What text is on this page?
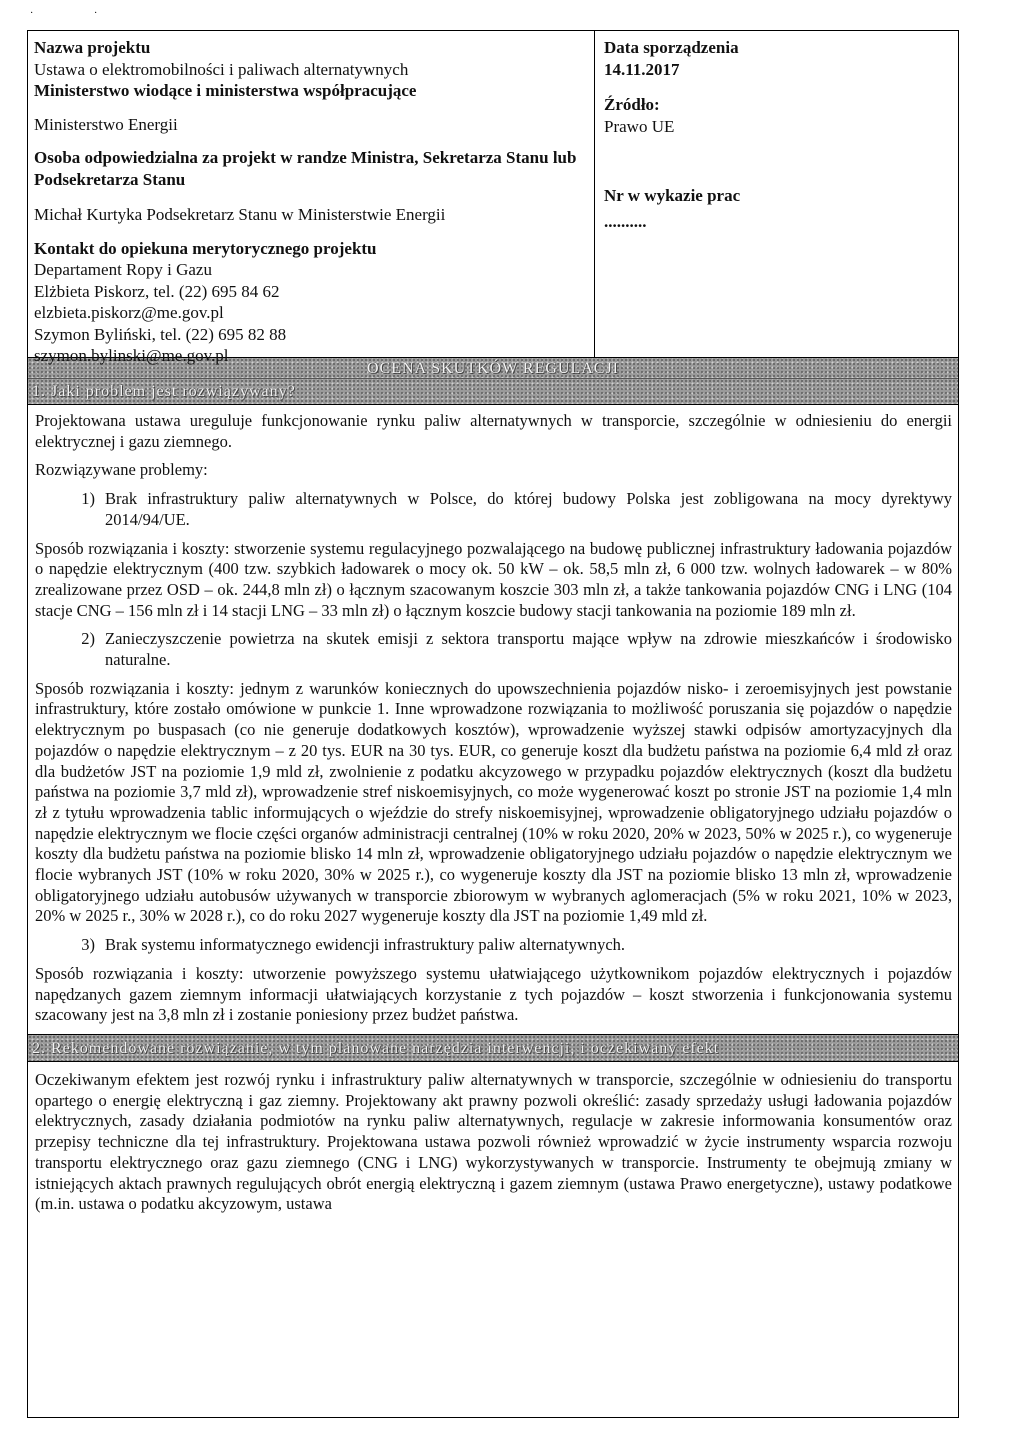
·	·
Nazwa projektu
Ustawa o elektromobilności i paliwach alternatywnych
Ministerstwo wiodące i ministerstwa współpracujące
Ministerstwo Energii
Osoba odpowiedzialna za projekt w randze Ministra, Sekretarza Stanu lub Podsekretarza Stanu
Michał Kurtyka Podsekretarz Stanu w Ministerstwie Energii
Kontakt do opiekuna merytorycznego projektu
Departament Ropy i Gazu
Elżbieta Piskorz, tel. (22) 695 84 62
elzbieta.piskorz@me.gov.pl
Szymon Byliński, tel. (22) 695 82 88
szymon.bylinski@me.gov.pl
Data sporządzenia
14.11.2017
Źródło:
Prawo UE
Nr w wykazie prac
..........
OCENA SKUTKÓW REGULACJI
1. Jaki problem jest rozwiązywany?

Projektowana ustawa ureguluje funkcjonowanie rynku paliw alternatywnych w transporcie, szczególnie w odniesieniu do energii elektrycznej i gazu ziemnego.

Rozwiązywane problemy:

1) Brak infrastruktury paliw alternatywnych w Polsce, do której budowy Polska jest zobligowana na mocy dyrektywy 2014/94/UE.

Sposób rozwiązania i koszty: stworzenie systemu regulacyjnego pozwalającego na budowę publicznej infrastruktury ładowania pojazdów o napędzie elektrycznym (400 tzw. szybkich ładowarek o mocy ok. 50 kW – ok. 58,5 mln zł, 6 000 tzw. wolnych ładowarek – w 80% zrealizowane przez OSD – ok. 244,8 mln zł) o łącznym szacowanym koszcie 303 mln zł, a także tankowania pojazdów CNG i LNG (104 stacje CNG – 156 mln zł i 14 stacji LNG – 33 mln zł) o łącznym koszcie budowy stacji tankowania na poziomie 189 mln zł.

2) Zanieczyszczenie powietrza na skutek emisji z sektora transportu mające wpływ na zdrowie mieszkańców i środowisko naturalne.

Sposób rozwiązania i koszty: jednym z warunków koniecznych do upowszechnienia pojazdów nisko- i zeroemisyjnych jest powstanie infrastruktury, które zostało omówione w punkcie 1. Inne wprowadzone rozwiązania to możliwość poruszania się pojazdów o napędzie elektrycznym po buspasach (co nie generuje dodatkowych kosztów), wprowadzenie wyższej stawki odpisów amortyzacyjnych dla pojazdów o napędzie elektrycznym – z 20 tys. EUR na 30 tys. EUR, co generuje koszt dla budżetu państwa na poziomie 6,4 mld zł oraz dla budżetów JST na poziomie 1,9 mld zł, zwolnienie z podatku akcyzowego w przypadku pojazdów elektrycznych (koszt dla budżetu państwa na poziomie 3,7 mld zł), wprowadzenie stref niskoemisyjnych, co może wygenerować koszt po stronie JST na poziomie 1,4 mln zł z tytułu wprowadzenia tablic informujących o wjeździe do strefy niskoemisyjnej, wprowadzenie obligatoryjnego udziału pojazdów o napędzie elektrycznym we flocie części organów administracji centralnej (10% w roku 2020, 20% w 2023, 50% w 2025 r.), co wygeneruje koszty dla budżetu państwa na poziomie blisko 14 mln zł, wprowadzenie obligatoryjnego udziału pojazdów o napędzie elektrycznym we flocie wybranych JST (10% w roku 2020, 30% w 2025 r.), co wygeneruje koszty dla JST na poziomie blisko 13 mln zł, wprowadzenie obligatoryjnego udziału autobusów używanych w transporcie zbiorowym w wybranych aglomeracjach (5% w roku 2021, 10% w 2023, 20% w 2025 r., 30% w 2028 r.), co do roku 2027 wygeneruje koszty dla JST na poziomie 1,49 mld zł.

3) Brak systemu informatycznego ewidencji infrastruktury paliw alternatywnych.

Sposób rozwiązania i koszty: utworzenie powyższego systemu ułatwiającego użytkownikom pojazdów elektrycznych i pojazdów napędzanych gazem ziemnym informacji ułatwiających korzystanie z tych pojazdów – koszt stworzenia i funkcjonowania systemu szacowany jest na 3,8 mln zł i zostanie poniesiony przez budżet państwa.

2. Rekomendowane rozwiązanie, w tym planowane narzędzia interwencji, i oczekiwany efekt
Oczekiwanym efektem jest rozwój rynku i infrastruktury paliw alternatywnych w transporcie, szczególnie w odniesieniu do transportu opartego o energię elektryczną i gaz ziemny. Projektowany akt prawny pozwoli określić: zasady sprzedaży usługi ładowania pojazdów elektrycznych, zasady działania podmiotów na rynku paliw alternatywnych, regulacje w zakresie informowania konsumentów oraz przepisy techniczne dla tej infrastruktury. Projektowana ustawa pozwoli również wprowadzić w życie instrumenty wsparcia rozwoju transportu elektrycznego oraz gazu ziemnego (CNG i LNG) wykorzystywanych w transporcie. Instrumenty te obejmują zmiany w istniejących aktach prawnych regulujących obrót energią elektryczną i gazem ziemnym (ustawa Prawo energetyczne), ustawy podatkowe (m.in. ustawa o podatku akcyzowym, ustawa
